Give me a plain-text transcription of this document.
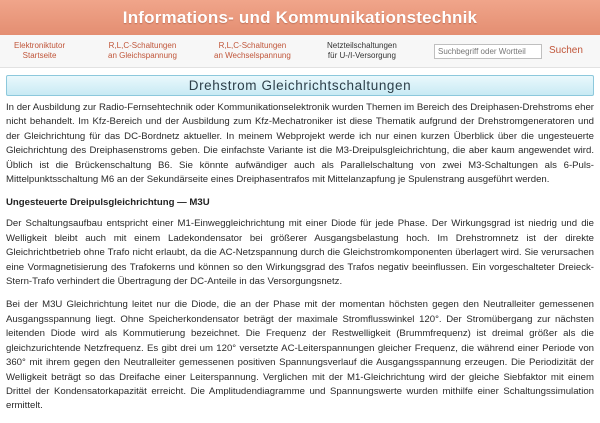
Informations- und Kommunikationstechnik
Elektroniktutor
Startseite
R,L,C-Schaltungen
an Gleichspannung
R,L,C-Schaltungen
an Wechselspannung
Netzteilschaltungen
für U-/I-Versorgung
Suchbegriff oder Wortteil	Suchen
Drehstrom Gleichrichtschaltungen

In der Ausbildung zur Radio-Fernsehtechnik oder Kommunikationselektronik wurden Themen im Bereich des Dreiphasen-Drehstroms eher nicht behandelt. Im Kfz-Bereich und der Ausbildung zum Kfz-Mechatroniker ist diese Thematik aufgrund der Drehstromgeneratoren und der Gleichrichtung für das DC-Bordnetz aktueller. In meinem Webprojekt werde ich nur einen kurzen Überblick über die ungesteuerte Gleichrichtung des Dreiphasenstroms geben. Die einfachste Variante ist die M3-Dreipulsgleichrichtung, die aber kaum angewendet wird. Üblich ist die Brückenschaltung B6. Sie könnte aufwändiger auch als Parallelschaltung von zwei M3-Schaltungen als 6-Puls-Mittelpunktsschaltung M6 an der Sekundärseite eines Dreiphasentrafos mit Mittelanzapfung je Spulenstrang ausgeführt werden.

Ungesteuerte Dreipulsgleichrichtung — M3U

Der Schaltungsaufbau entspricht einer M1-Einweggleichrichtung mit einer Diode für jede Phase. Der Wirkungsgrad ist niedrig und die Welligkeit bleibt auch mit einem Ladekondensator bei größerer Ausgangsbelastung hoch. Im Drehstromnetz ist der direkte Gleichrichtbetrieb ohne Trafo nicht erlaubt, da die AC-Netzspannung durch die Gleichstromkomponenten überlagert wird. Sie verursachen eine Vormagnetisierung des Trafokerns und können so den Wirkungsgrad des Trafos negativ beeinflussen. Ein vorgeschalteter Dreieck-Stern-Trafo verhindert die Übertragung der DC-Anteile in das Versorgungsnetz.

Bei der M3U Gleichrichtung leitet nur die Diode, die an der Phase mit der momentan höchsten gegen den Neutralleiter gemessenen Ausgangsspannung liegt. Ohne Speicherkondensator beträgt der maximale Stromflusswinkel 120°. Der Stromübergang zur nächsten leitenden Diode wird als Kommutierung bezeichnet. Die Frequenz der Restwelligkeit (Brummfrequenz) ist dreimal größer als die gleichzurichtende Netzfrequenz. Es gibt drei um 120° versetzte AC-Leiterspannungen gleicher Frequenz, die während einer Periode von 360° mit ihrem gegen den Neutralleiter gemessenen positiven Spannungsverlauf die Ausgangsspannung erzeugen. Die Periodizität der Welligkeit beträgt so das Dreifache einer Leiterspannung. Verglichen mit der M1-Gleichrichtung wird der gleiche Siebfaktor mit einem Drittel der Kondensatorkapazität erreicht. Die Amplitudendiagramme und Spannungswerte wurden mithilfe einer Schaltungssimulation ermittelt.
